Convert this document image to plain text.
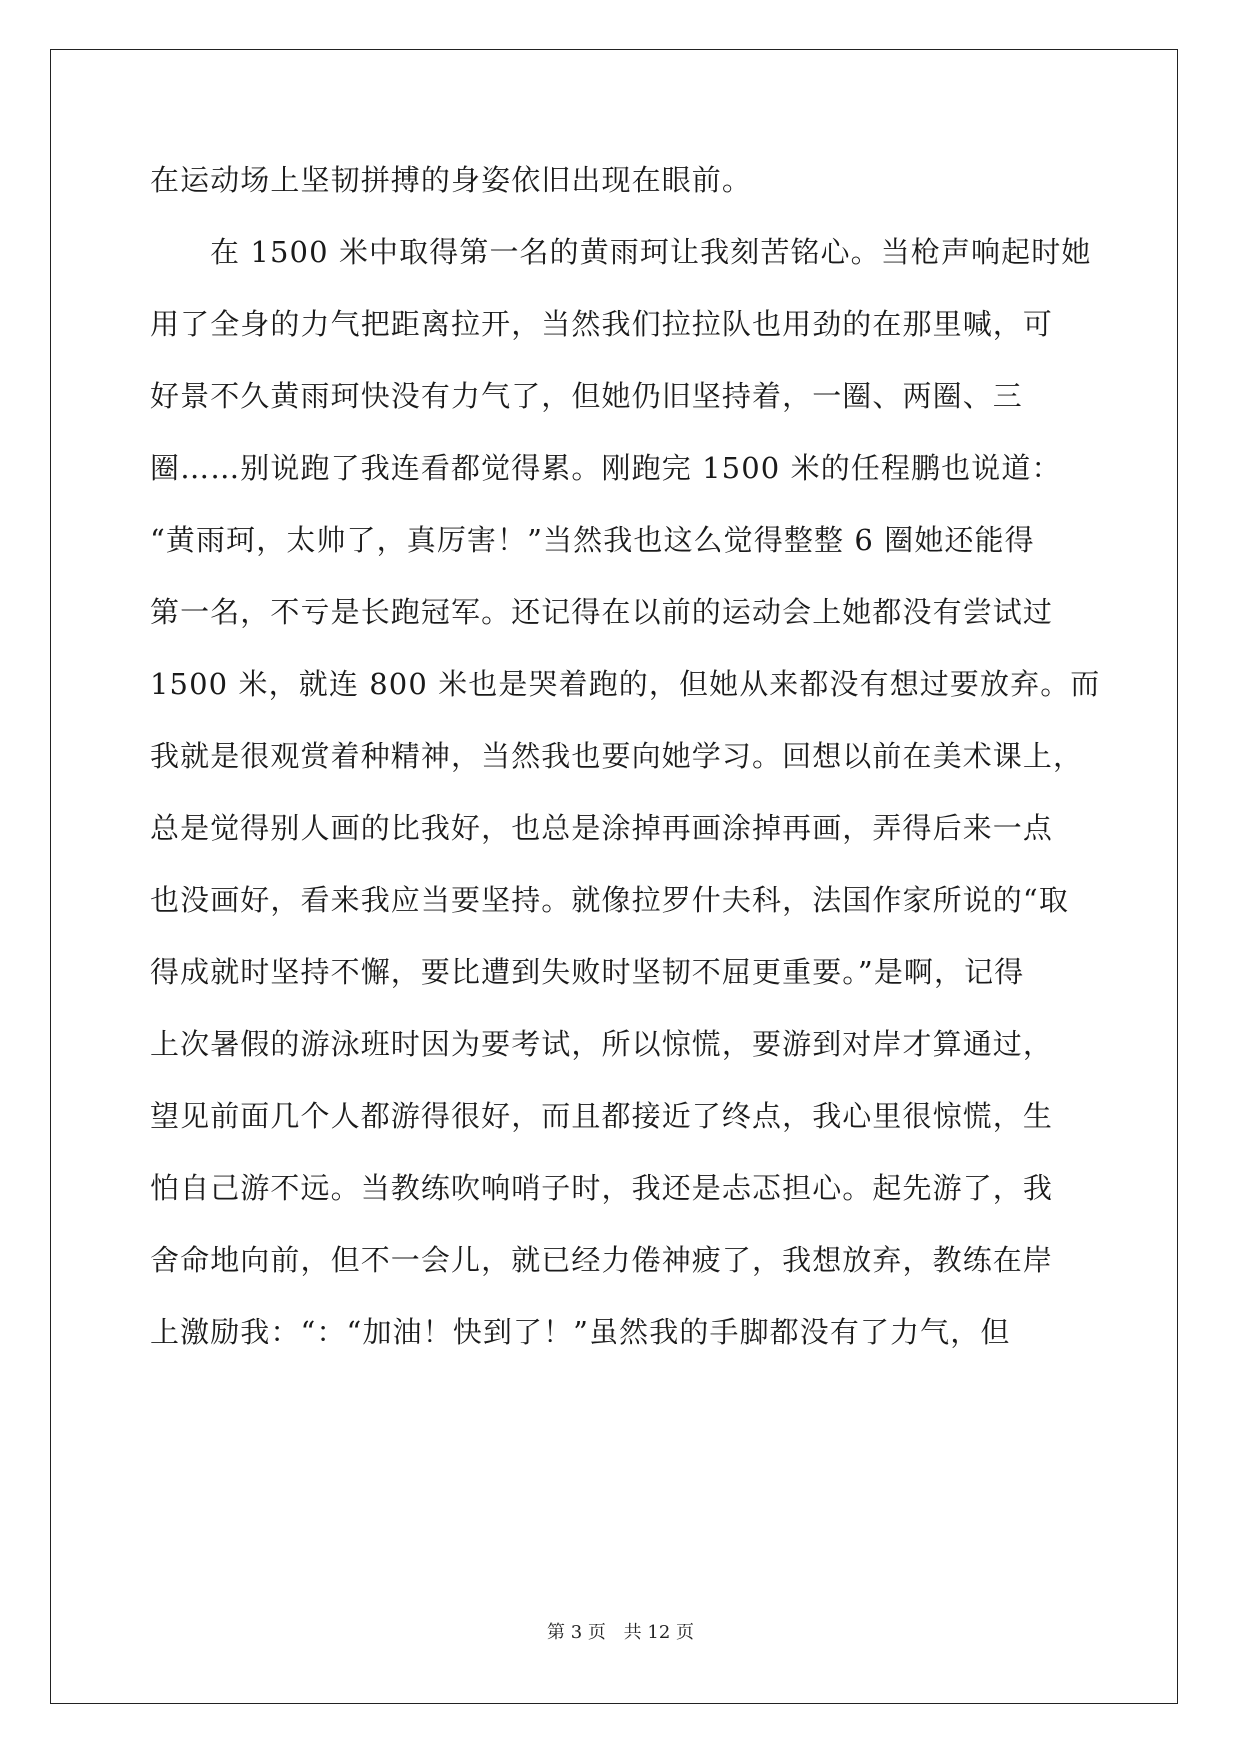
在运动场上坚韧拼搏的身姿依旧出现在眼前。
在 1500 米中取得第一名的黄雨珂让我刻苦铭心。当枪声响起时她
用了全身的力气把距离拉开，当然我们拉拉队也用劲的在那里喊，可
好景不久黄雨珂快没有力气了，但她仍旧坚持着，一圈、两圈、三
圈……别说跑了我连看都觉得累。刚跑完 1500 米的任程鹏也说道：
“黄雨珂，太帅了，真厉害！”当然我也这么觉得整整 6 圈她还能得
第一名，不亏是长跑冠军。还记得在以前的运动会上她都没有尝试过
1500 米，就连 800 米也是哭着跑的，但她从来都没有想过要放弃。而
我就是很观赏着种精神，当然我也要向她学习。回想以前在美术课上，
总是觉得别人画的比我好，也总是涂掉再画涂掉再画，弄得后来一点
也没画好，看来我应当要坚持。就像拉罗什夫科，法国作家所说的“取
得成就时坚持不懈，要比遭到失败时坚韧不屈更重要。”是啊，记得
上次暑假的游泳班时因为要考试，所以惊慌，要游到对岸才算通过，
望见前面几个人都游得很好，而且都接近了终点，我心里很惊慌，生
怕自己游不远。当教练吹响哨子时，我还是忐忑担心。起先游了，我
舍命地向前，但不一会儿，就已经力倦神疲了，我想放弃，教练在岸
上激励我：“：“加油！快到了！”虽然我的手脚都没有了力气，但
第 3 页 共 12 页
